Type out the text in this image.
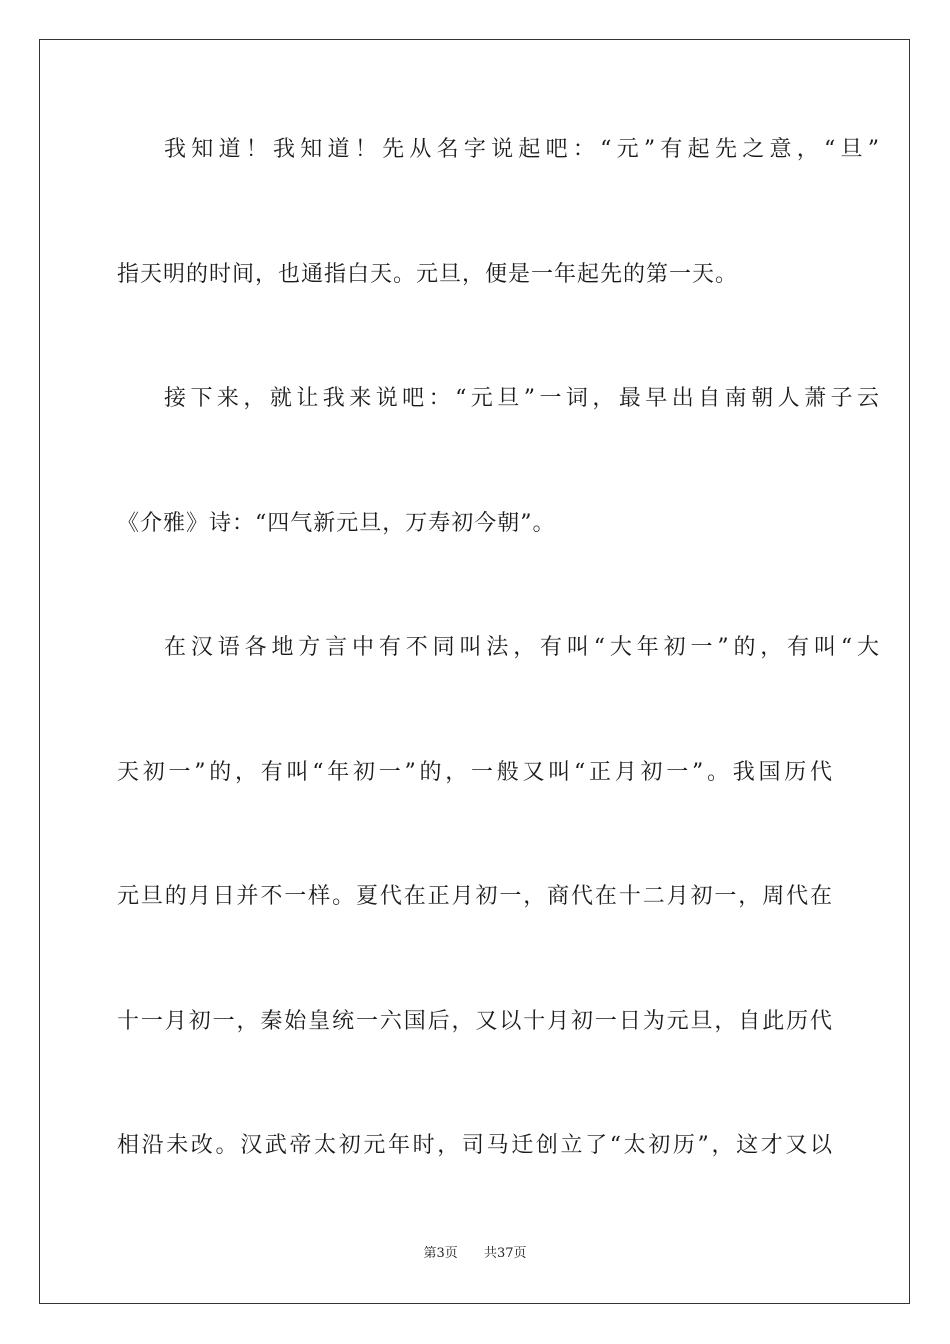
我知道！我知道！先从名字说起吧：“元”有起先之意，“旦”
指天明的时间，也通指白天。元旦，便是一年起先的第一天。
接下来，就让我来说吧：“元旦”一词，最早出自南朝人萧子云
《介雅》诗：“四气新元旦，万寿初今朝”。
在汉语各地方言中有不同叫法，有叫“大年初一”的，有叫“大
天初一”的，有叫“年初一”的，一般又叫“正月初一”。我国历代
元旦的月日并不一样。夏代在正月初一，商代在十二月初一，周代在
十一月初一，秦始皇统一六国后，又以十月初一日为元旦，自此历代
相沿未改。汉武帝太初元年时，司马迁创立了“太初历”，这才又以
第3页 共37页
